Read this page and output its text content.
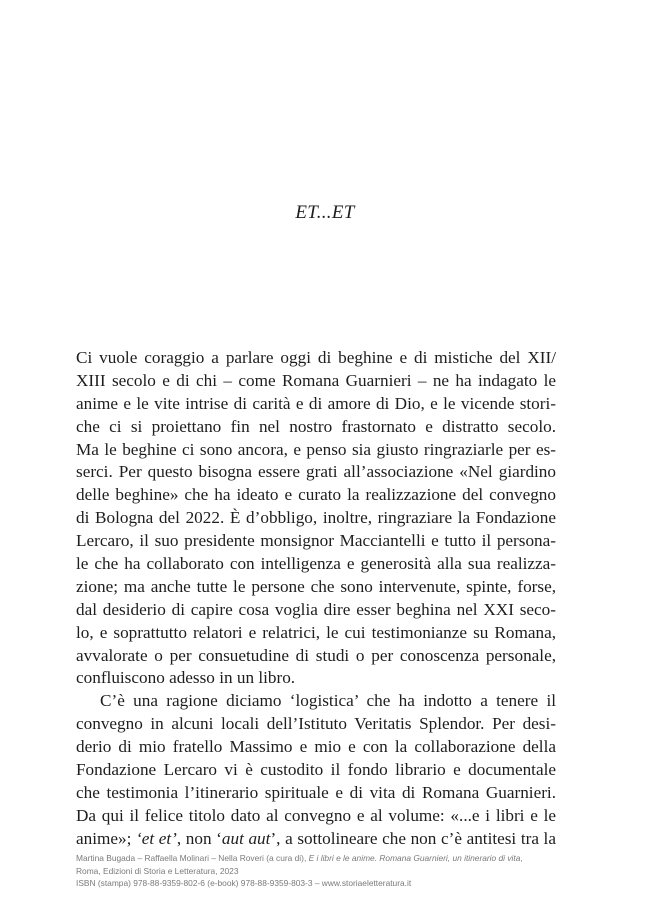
ET...ET
Ci vuole coraggio a parlare oggi di beghine e di mistiche del XII/
XIII secolo e di chi – come Romana Guarnieri – ne ha indagato le
anime e le vite intrise di carità e di amore di Dio, e le vicende stori-
che ci si proiettano fin nel nostro frastornato e distratto secolo.
Ma le beghine ci sono ancora, e penso sia giusto ringraziarle per es-
serci. Per questo bisogna essere grati all’associazione «Nel giardino
delle beghine» che ha ideato e curato la realizzazione del convegno
di Bologna del 2022. È d’obbligo, inoltre, ringraziare la Fondazione
Lercaro, il suo presidente monsignor Macciantelli e tutto il persona-
le che ha collaborato con intelligenza e generosità alla sua realizza-
zione; ma anche tutte le persone che sono intervenute, spinte, forse,
dal desiderio di capire cosa voglia dire esser beghina nel XXI seco-
lo, e soprattutto relatori e relatrici, le cui testimonianze su Romana,
avvalorate o per consuetudine di studi o per conoscenza personale,
confluiscono adesso in un libro.
C’è una ragione diciamo ‘logistica’ che ha indotto a tenere il
convegno in alcuni locali dell’Istituto Veritatis Splendor. Per desi-
derio di mio fratello Massimo e mio e con la collaborazione della
Fondazione Lercaro vi è custodito il fondo librario e documentale
che testimonia l’itinerario spirituale e di vita di Romana Guarnieri.
Da qui il felice titolo dato al convegno e al volume: «...e i libri e le
anime»; ‘et et’, non ‘aut aut’, a sottolineare che non c’è antitesi tra la
Martina Bugada – Raffaella Molinari – Nella Roveri (a cura di), E i libri e le anime. Romana Guarnieri, un itinerario di vita,
Roma, Edizioni di Storia e Letteratura, 2023
ISBN (stampa) 978-88-9359-802-6 (e-book) 978-88-9359-803-3 – www.storiaeletteratura.it
